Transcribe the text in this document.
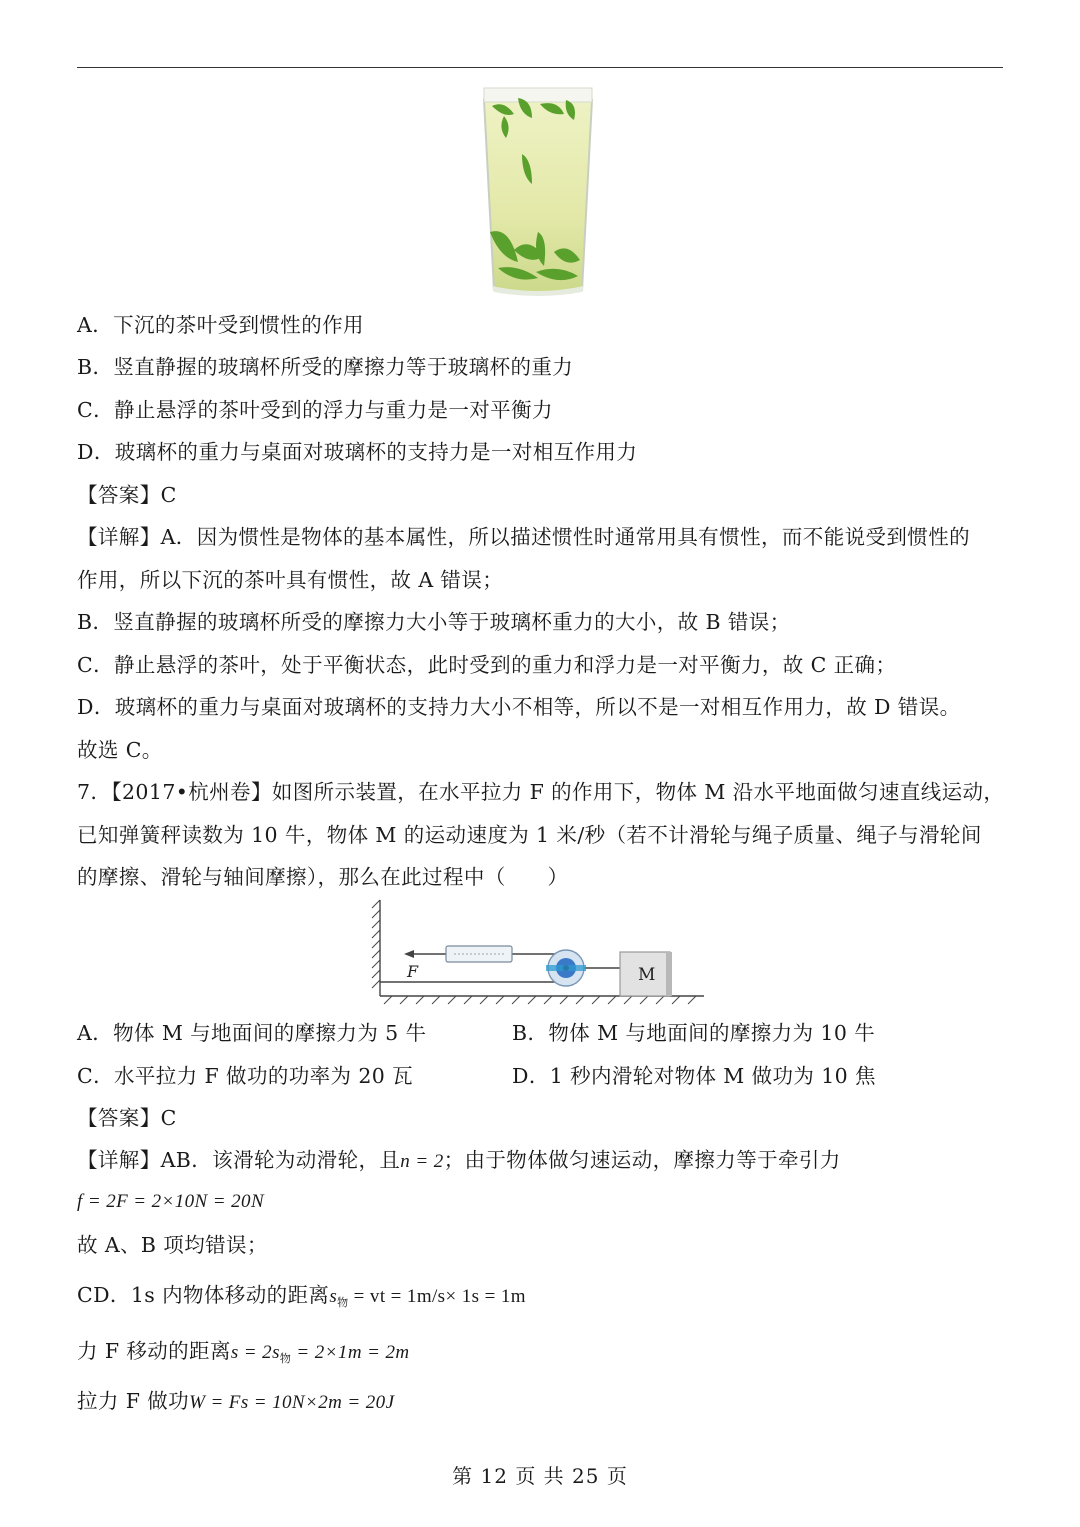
A．下沉的茶叶受到惯性的作用
B．竖直静握的玻璃杯所受的摩擦力等于玻璃杯的重力
C．静止悬浮的茶叶受到的浮力与重力是一对平衡力
D．玻璃杯的重力与桌面对玻璃杯的支持力是一对相互作用力
【答案】C
【详解】A．因为惯性是物体的基本属性，所以描述惯性时通常用具有惯性，而不能说受到惯性的
作用，所以下沉的茶叶具有惯性，故 A 错误；
B．竖直静握的玻璃杯所受的摩擦力大小等于玻璃杯重力的大小，故 B 错误；
C．静止悬浮的茶叶，处于平衡状态，此时受到的重力和浮力是一对平衡力，故 C 正确；
D．玻璃杯的重力与桌面对玻璃杯的支持力大小不相等，所以不是一对相互作用力，故 D 错误。
故选 C。
7．【2017•杭州卷】如图所示装置，在水平拉力 F 的作用下，物体 M 沿水平地面做匀速直线运动，
已知弹簧秤读数为 10 牛，物体 M 的运动速度为 1 米/秒（若不计滑轮与绳子质量、绳子与滑轮间
的摩擦、滑轮与轴间摩擦），那么在此过程中（　　）
F	M
A．物体 M 与地面间的摩擦力为 5 牛	B．物体 M 与地面间的摩擦力为 10 牛
C．水平拉力 F 做功的功率为 20 瓦	D．1 秒内滑轮对物体 M 做功为 10 焦
【答案】C
【详解】AB．该滑轮为动滑轮，且n = 2；由于物体做匀速运动，摩擦力等于牵引力
f = 2F = 2×10N = 20N
故 A、B 项均错误；
CD．1s 内物体移动的距离$s_物$ = vt = 1m/s× 1s = 1m
力 F 移动的距离$s = 2s_物 = 2\times 1m = 2m$
拉力 F 做功W = Fs = 10N×2m = 20J
第 12 页 共 25 页
